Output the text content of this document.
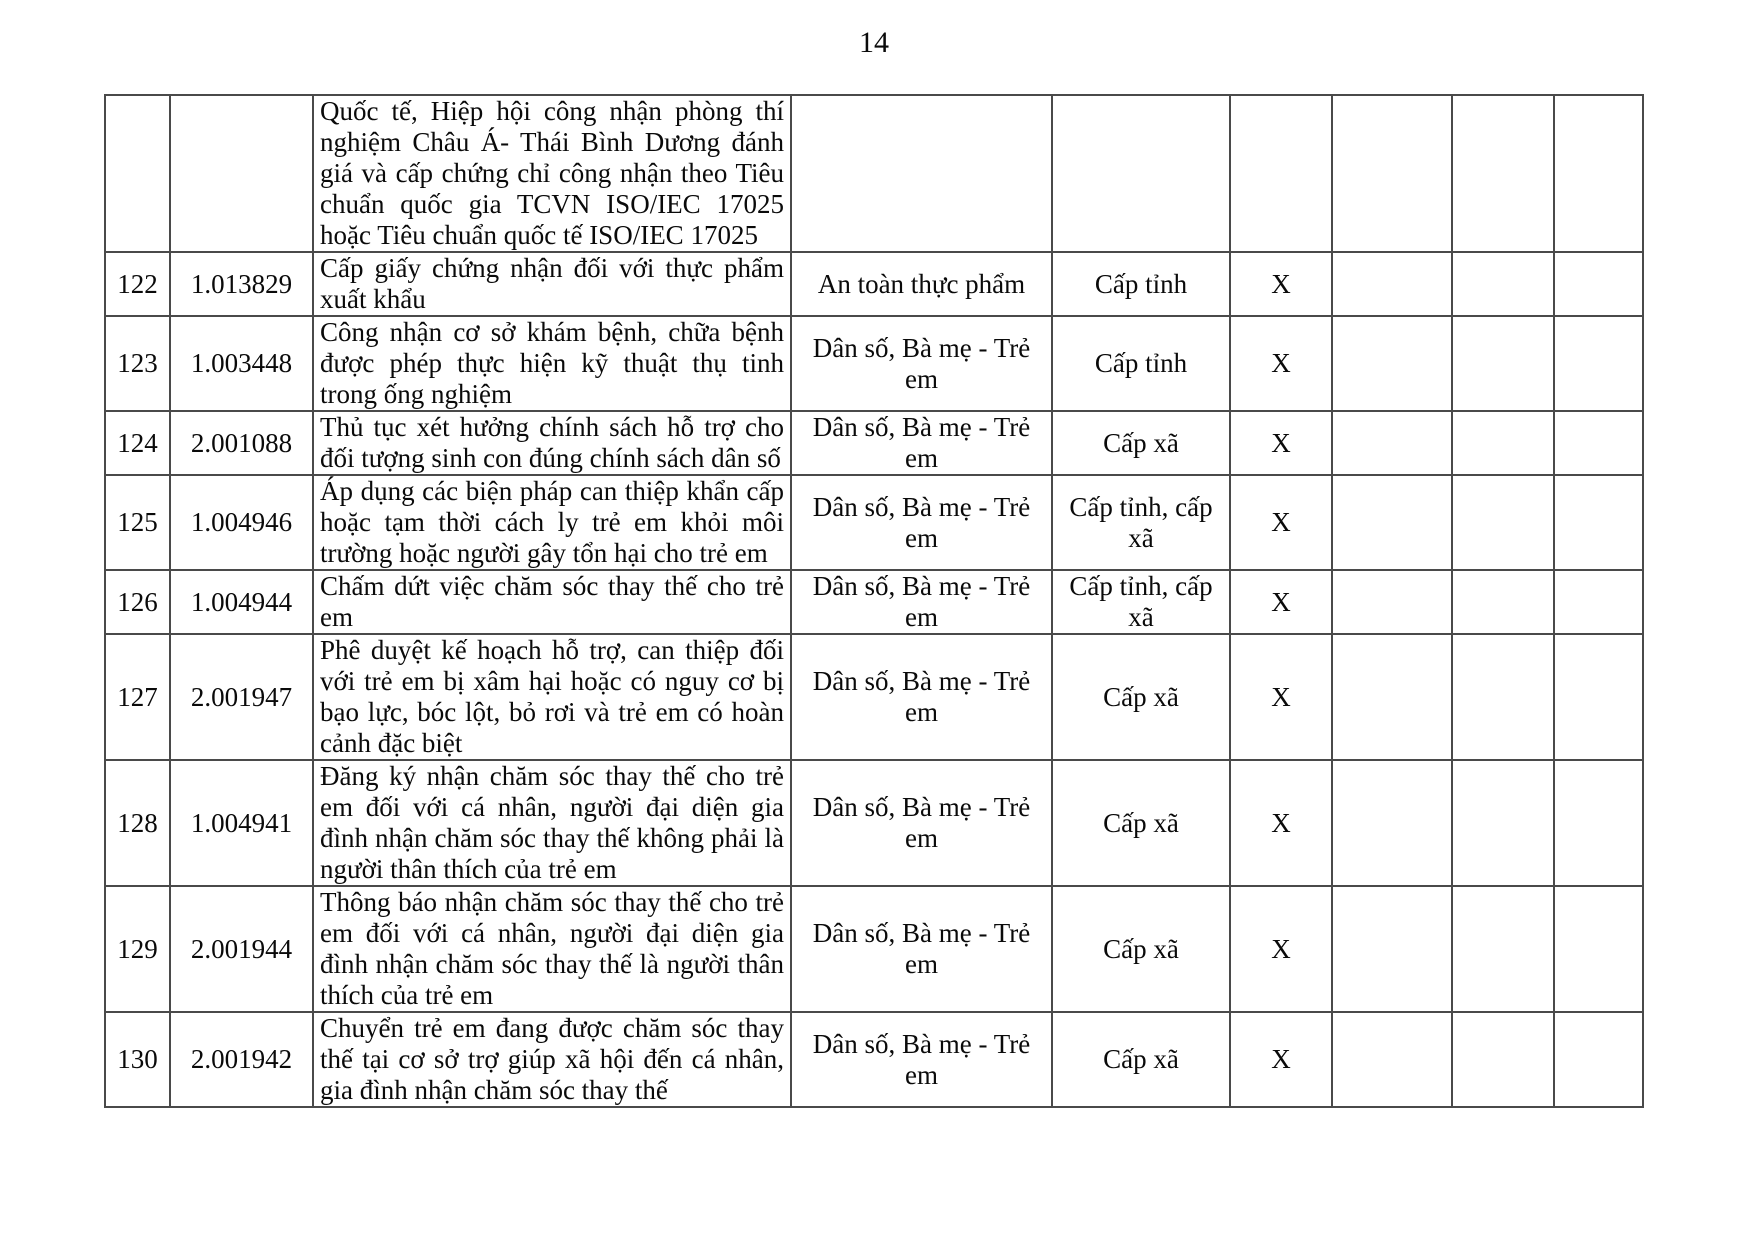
14
		Quốc tế, Hiệp hội công nhận phòng thí nghiệm Châu Á- Thái Bình Dương đánh giá và cấp chứng chỉ công nhận theo Tiêu chuẩn quốc gia TCVN ISO/IEC 17025 hoặc Tiêu chuẩn quốc tế ISO/IEC 17025						
122	1.013829	Cấp giấy chứng nhận đối với thực phẩm xuất khẩu	An toàn thực phẩm	Cấp tỉnh	X			
123	1.003448	Công nhận cơ sở khám bệnh, chữa bệnh được phép thực hiện kỹ thuật thụ tinh trong ống nghiệm	Dân số, Bà mẹ - Trẻ em	Cấp tỉnh	X			
124	2.001088	Thủ tục xét hưởng chính sách hỗ trợ cho đối tượng sinh con đúng chính sách dân số	Dân số, Bà mẹ - Trẻ em	Cấp xã	X			
125	1.004946	Áp dụng các biện pháp can thiệp khẩn cấp hoặc tạm thời cách ly trẻ em khỏi môi trường hoặc người gây tổn hại cho trẻ em	Dân số, Bà mẹ - Trẻ em	Cấp tỉnh, cấp xã	X			
126	1.004944	Chấm dứt việc chăm sóc thay thế cho trẻ em	Dân số, Bà mẹ - Trẻ em	Cấp tỉnh, cấp xã	X			
127	2.001947	Phê duyệt kế hoạch hỗ trợ, can thiệp đối với trẻ em bị xâm hại hoặc có nguy cơ bị bạo lực, bóc lột, bỏ rơi và trẻ em có hoàn cảnh đặc biệt	Dân số, Bà mẹ - Trẻ em	Cấp xã	X			
128	1.004941	Đăng ký nhận chăm sóc thay thế cho trẻ em đối với cá nhân, người đại diện gia đình nhận chăm sóc thay thế không phải là người thân thích của trẻ em	Dân số, Bà mẹ - Trẻ em	Cấp xã	X			
129	2.001944	Thông báo nhận chăm sóc thay thế cho trẻ em đối với cá nhân, người đại diện gia đình nhận chăm sóc thay thế là người thân thích của trẻ em	Dân số, Bà mẹ - Trẻ em	Cấp xã	X			
130	2.001942	Chuyển trẻ em đang được chăm sóc thay thế tại cơ sở trợ giúp xã hội đến cá nhân, gia đình nhận chăm sóc thay thế	Dân số, Bà mẹ - Trẻ em	Cấp xã	X			
